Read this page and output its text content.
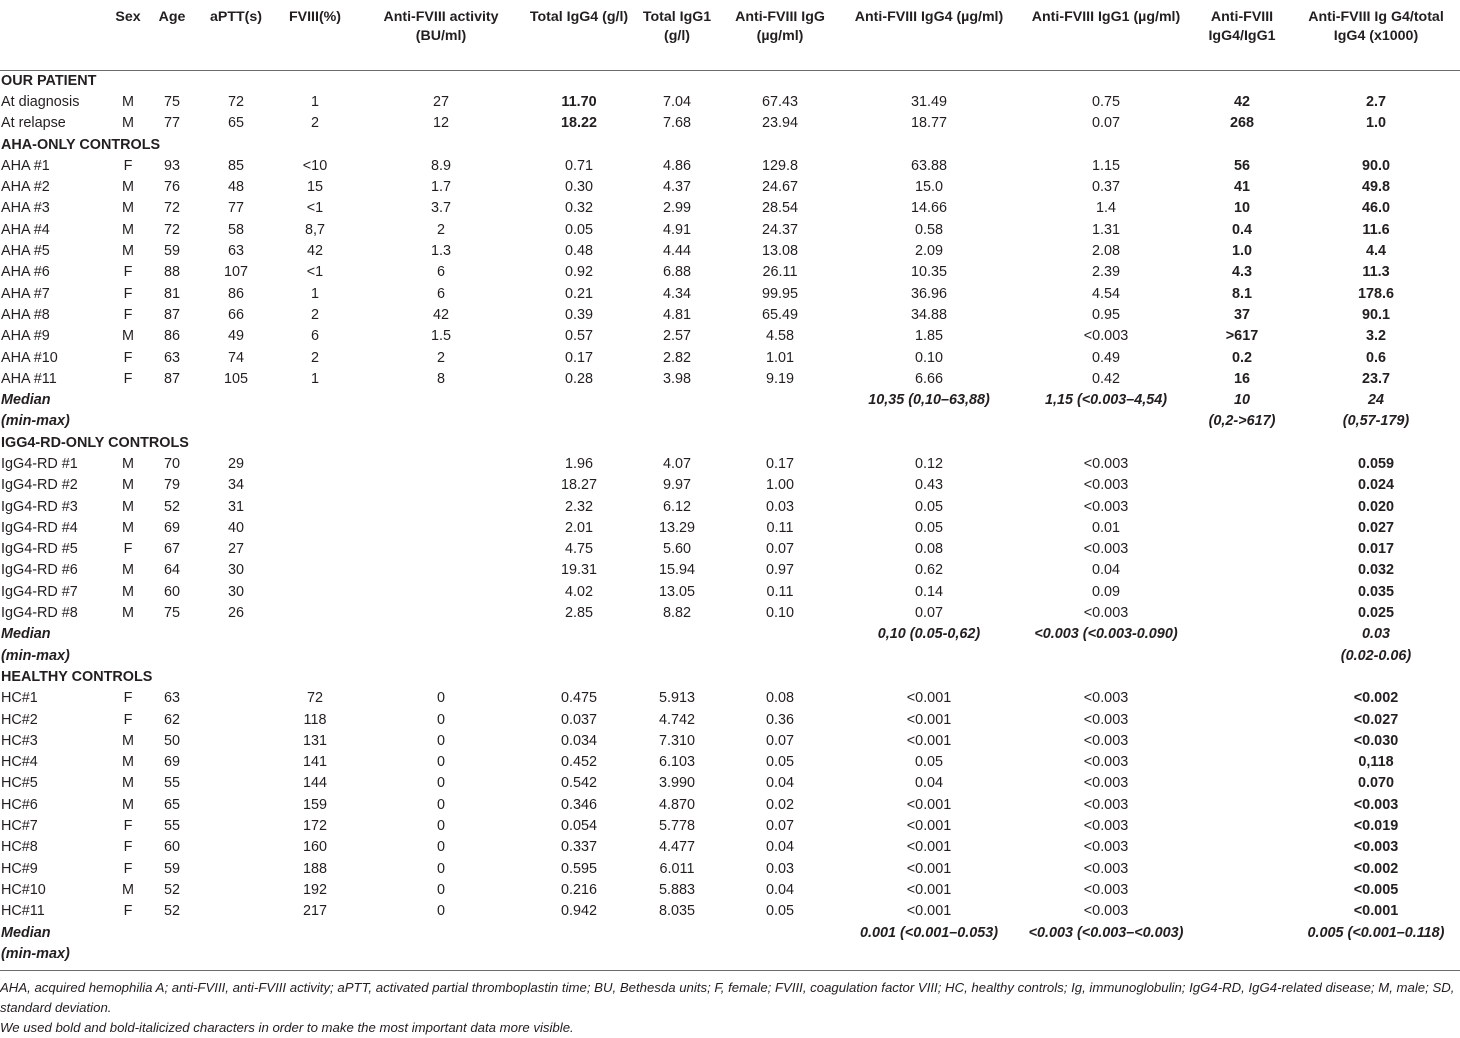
	Sex	Age	aPTT(s)	FVIII(%)	Anti-FVIII activity (BU/ml)	Total IgG4 (g/l)	Total IgG1 (g/l)	Anti-FVIII IgG (µg/ml)	Anti-FVIII IgG4 (µg/ml)	Anti-FVIII IgG1 (µg/ml)	Anti-FVIII IgG4/IgG1	Anti-FVIII Ig G4/total IgG4 (x1000)
OUR PATIENT												
At diagnosis	M	75	72	1	27	11.70	7.04	67.43	31.49	0.75	42	2.7
At relapse	M	77	65	2	12	18.22	7.68	23.94	18.77	0.07	268	1.0
AHA-ONLY CONTROLS												
AHA #1	F	93	85	<10	8.9	0.71	4.86	129.8	63.88	1.15	56	90.0
AHA #2	M	76	48	15	1.7	0.30	4.37	24.67	15.0	0.37	41	49.8
AHA #3	M	72	77	<1	3.7	0.32	2.99	28.54	14.66	1.4	10	46.0
AHA #4	M	72	58	8,7	2	0.05	4.91	24.37	0.58	1.31	0.4	11.6
AHA #5	M	59	63	42	1.3	0.48	4.44	13.08	2.09	2.08	1.0	4.4
AHA #6	F	88	107	<1	6	0.92	6.88	26.11	10.35	2.39	4.3	11.3
AHA #7	F	81	86	1	6	0.21	4.34	99.95	36.96	4.54	8.1	178.6
AHA #8	F	87	66	2	42	0.39	4.81	65.49	34.88	0.95	37	90.1
AHA #9	M	86	49	6	1.5	0.57	2.57	4.58	1.85	<0.003	>617	3.2
AHA #10	F	63	74	2	2	0.17	2.82	1.01	0.10	0.49	0.2	0.6
AHA #11	F	87	105	1	8	0.28	3.98	9.19	6.66	0.42	16	23.7
Median									10,35 (0,10–63,88)	1,15 (<0.003–4,54)	10	24
(min-max)											(0,2->617)	(0,57-179)
IGG4-RD-ONLY CONTROLS												
IgG4-RD #1	M	70	29			1.96	4.07	0.17	0.12	<0.003		0.059
IgG4-RD #2	M	79	34			18.27	9.97	1.00	0.43	<0.003		0.024
IgG4-RD #3	M	52	31			2.32	6.12	0.03	0.05	<0.003		0.020
IgG4-RD #4	M	69	40			2.01	13.29	0.11	0.05	0.01		0.027
IgG4-RD #5	F	67	27			4.75	5.60	0.07	0.08	<0.003		0.017
IgG4-RD #6	M	64	30			19.31	15.94	0.97	0.62	0.04		0.032
IgG4-RD #7	M	60	30			4.02	13.05	0.11	0.14	0.09		0.035
IgG4-RD #8	M	75	26			2.85	8.82	0.10	0.07	<0.003		0.025
Median									0,10 (0.05-0,62)	<0.003 (<0.003-0.090)		0.03
(min-max)												(0.02-0.06)
HEALTHY CONTROLS												
HC#1	F	63		72	0	0.475	5.913	0.08	<0.001	<0.003		<0.002
HC#2	F	62		118	0	0.037	4.742	0.36	<0.001	<0.003		<0.027
HC#3	M	50		131	0	0.034	7.310	0.07	<0.001	<0.003		<0.030
HC#4	M	69		141	0	0.452	6.103	0.05	0.05	<0.003		0,118
HC#5	M	55		144	0	0.542	3.990	0.04	0.04	<0.003		0.070
HC#6	M	65		159	0	0.346	4.870	0.02	<0.001	<0.003		<0.003
HC#7	F	55		172	0	0.054	5.778	0.07	<0.001	<0.003		<0.019
HC#8	F	60		160	0	0.337	4.477	0.04	<0.001	<0.003		<0.003
HC#9	F	59		188	0	0.595	6.011	0.03	<0.001	<0.003		<0.002
HC#10	M	52		192	0	0.216	5.883	0.04	<0.001	<0.003		<0.005
HC#11	F	52		217	0	0.942	8.035	0.05	<0.001	<0.003		<0.001
Median									0.001 (<0.001–0.053)	<0.003 (<0.003–<0.003)		0.005 (<0.001–0.118)
(min-max)												

AHA, acquired hemophilia A; anti-FVIII, anti-FVIII activity; aPTT, activated partial thromboplastin time; BU, Bethesda units; F, female; FVIII, coagulation factor VIII; HC, healthy controls; Ig, immunoglobulin; IgG4-RD, IgG4-related disease; M, male; SD, standard deviation.

We used bold and bold-italicized characters in order to make the most important data more visible.
